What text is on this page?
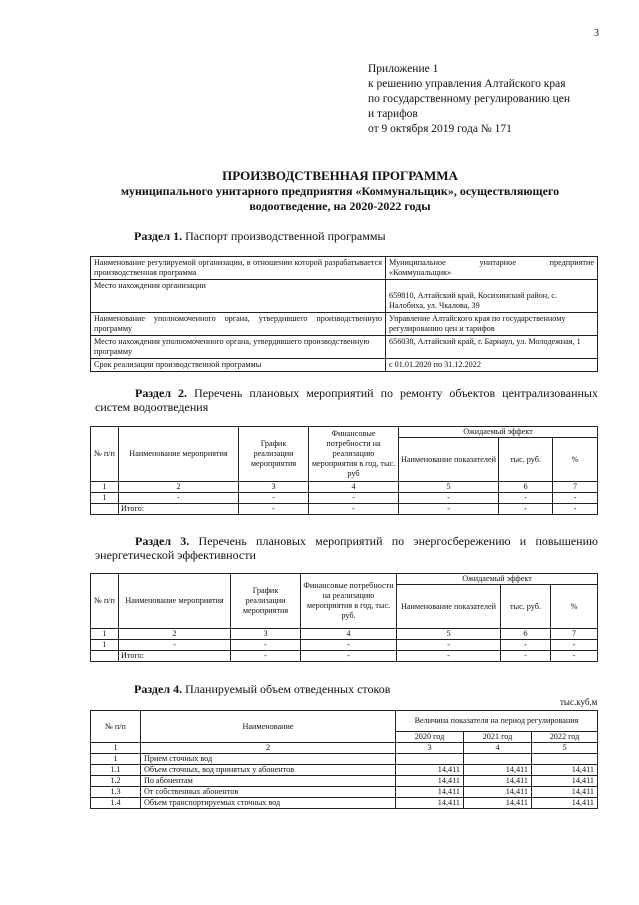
3
Приложение 1
к решению управления Алтайского края
по государственному регулированию цен
и тарифов
от 9 октября 2019 года № 171
ПРОИЗВОДСТВЕННАЯ ПРОГРАММА
муниципального унитарного предприятия «Коммунальщик», осуществляющего
водоотведение, на 2020-2022 годы
Раздел 1. Паспорт производственной программы
Наименование регулируемой организации, в отношении которой разрабатывается производственная программа	Муниципальное унитарное предприятие «Коммунальщик»
Место нахождения организации	659810, Алтайский край, Косихинский район, с. Налобиха, ул. Чкалова, 39
Наименование уполномоченного органа, утвердившего производственную программу	Управление Алтайского края по государственному регулированию цен и тарифов
Место нахождения уполномоченного органа, утвердившего производственную программу	656038, Алтайский край, г. Барнаул, ул. Молодежная, 1
Срок реализации производственной программы	с 01.01.2020 по 31.12.2022
Раздел 2. Перечень плановых мероприятий по ремонту объектов централизованных систем водоотведения
№ п/п	Наименование мероприятия	График реализации мероприятия	Финансовые потребности на реализацию мероприятия в год, тыс. руб	Ожидаемый эффект		
				Наименование показателей	тыс. руб.	%
1	2	3	4	5	6	7
1	-	-	-	-	-	-
	Итого:	-	-	-	-	-
Раздел 3. Перечень плановых мероприятий по энергосбережению и повышению энергетической эффективности
№ п/п	Наименование мероприятия	График реализации мероприятия	Финансовые потребности на реализацию мероприятия в год, тыс. руб.	Ожидаемый эффект		
				Наименование показателей	тыс. руб.	%
1	2	3	4	5	6	7
1	-	-	-	-	-	-
	Итого:	-	-	-	-	-
Раздел 4. Планируемый объем отведенных стоков
тыс.куб.м
№ п/п	Наименование	Величина показателя на период регулирования		
		2020 год	2021 год	2022 год
1	2	3	4	5
1	Прием сточных вод			
1.1	Объем сточных, вод принятых у абонентов	14,411	14,411	14,411
1.2	По абонентам	14,411	14,411	14,411
1.3	От собственных абонентов	14,411	14,411	14,411
1.4	Объем транспортируемых сточных вод	14,411	14,411	14,411
